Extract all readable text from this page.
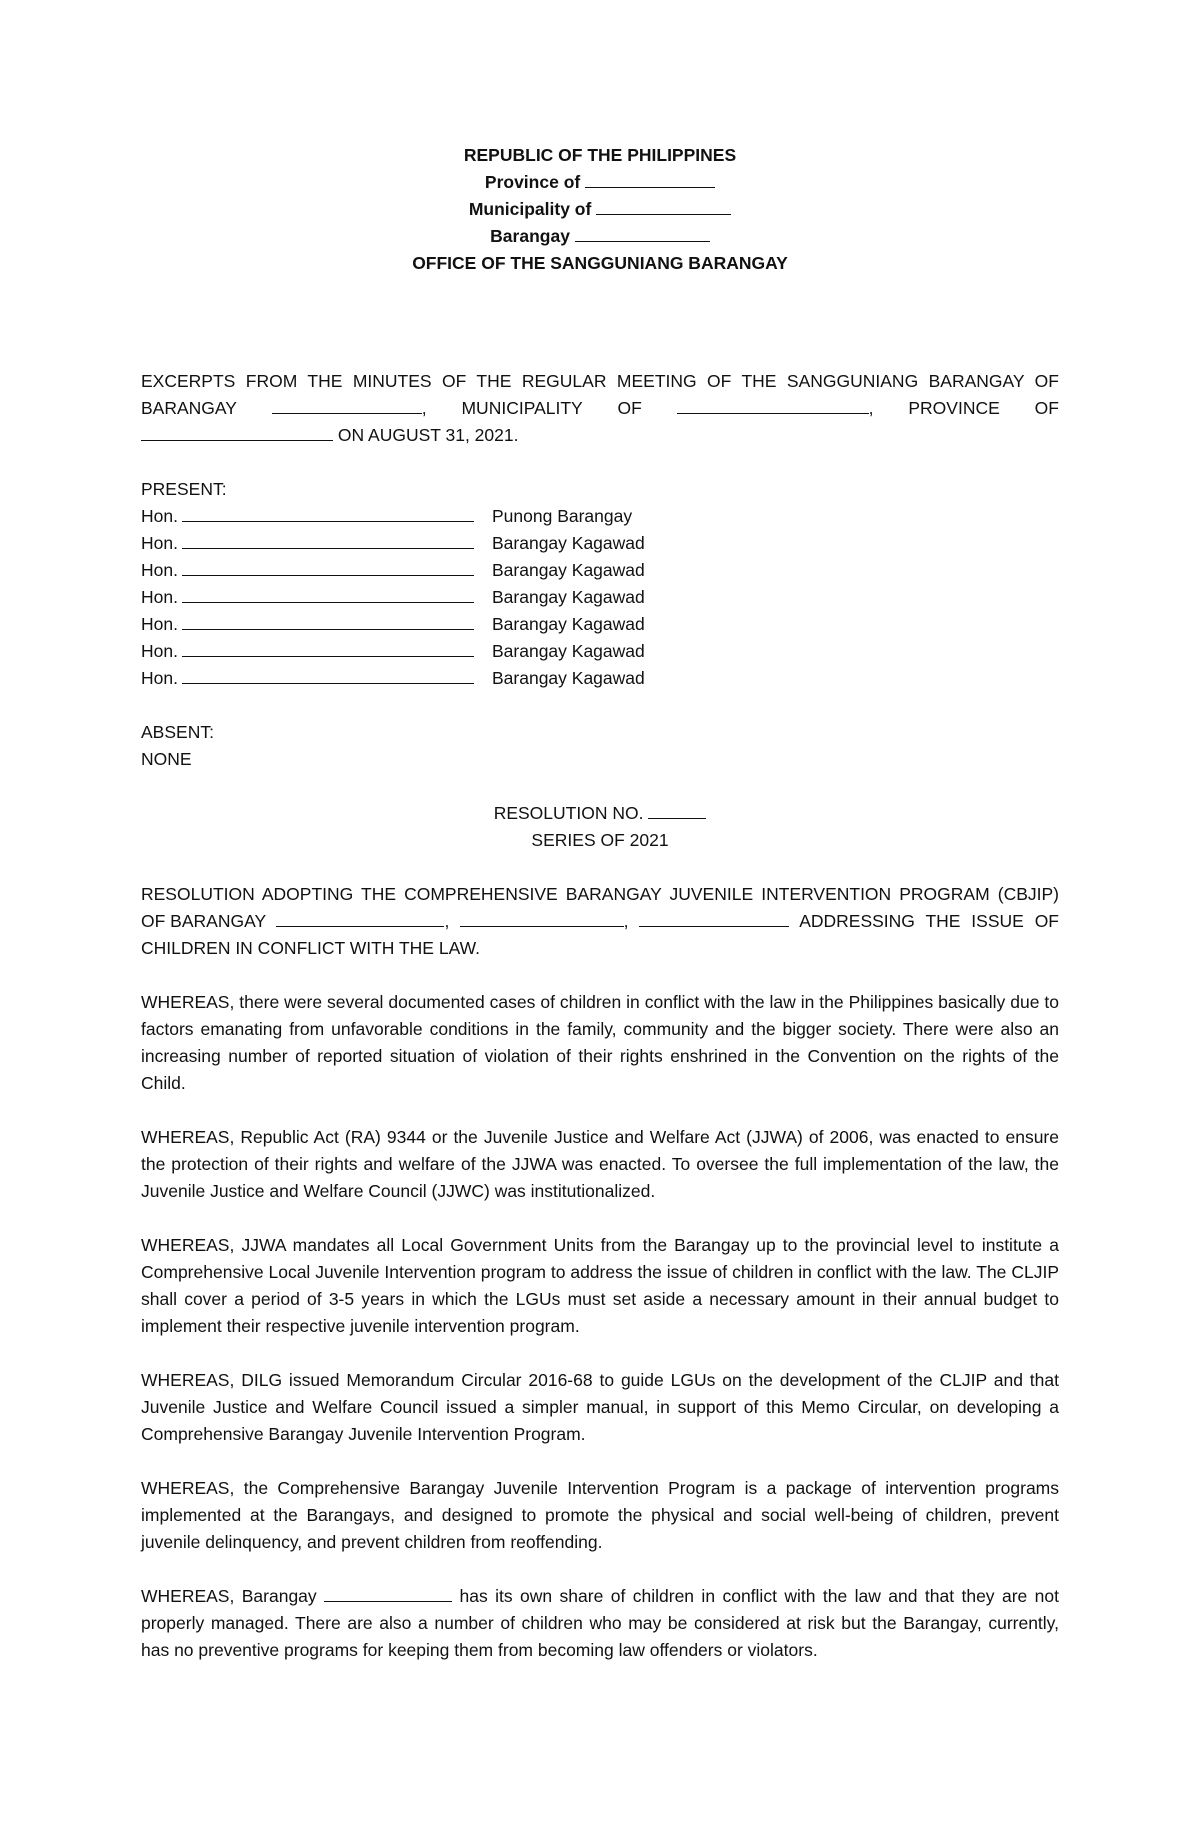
REPUBLIC OF THE PHILIPPINES
Province of
Municipality of
Barangay
OFFICE OF THE SANGGUNIANG BARANGAY
EXCERPTS FROM THE MINUTES OF THE REGULAR MEETING OF THE SANGGUNIANG BARANGAY OF
BARANGAY	, MUNICIPALITY OF	, PROVINCE OF
ON AUGUST 31, 2021.
PRESENT:
Hon.	Punong Barangay
Hon.	Barangay Kagawad
Hon.	Barangay Kagawad
Hon.	Barangay Kagawad
Hon.	Barangay Kagawad
Hon.	Barangay Kagawad
Hon.	Barangay Kagawad
ABSENT:
NONE
RESOLUTION NO.
SERIES OF 2021
RESOLUTION ADOPTING THE COMPREHENSIVE BARANGAY JUVENILE INTERVENTION PROGRAM (CBJIP)
OF BARANGAY	,	,	ADDRESSING THE ISSUE OF
CHILDREN IN CONFLICT WITH THE LAW.

WHEREAS, there were several documented cases of children in conflict with the law in the Philippines basically due to factors emanating from unfavorable conditions in the family, community and the bigger society. There were also an increasing number of reported situation of violation of their rights enshrined in the Convention on the rights of the Child.

WHEREAS, Republic Act (RA) 9344 or the Juvenile Justice and Welfare Act (JJWA) of 2006, was enacted to ensure the protection of their rights and welfare of the JJWA was enacted. To oversee the full implementation of the law, the Juvenile Justice and Welfare Council (JJWC) was institutionalized.

WHEREAS, JJWA mandates all Local Government Units from the Barangay up to the provincial level to institute a Comprehensive Local Juvenile Intervention program to address the issue of children in conflict with the law. The CLJIP shall cover a period of 3-5 years in which the LGUs must set aside a necessary amount in their annual budget to implement their respective juvenile intervention program.

WHEREAS, DILG issued Memorandum Circular 2016-68 to guide LGUs on the development of the CLJIP and that Juvenile Justice and Welfare Council issued a simpler manual, in support of this Memo Circular, on developing a Comprehensive Barangay Juvenile Intervention Program.

WHEREAS, the Comprehensive Barangay Juvenile Intervention Program is a package of intervention programs implemented at the Barangays, and designed to promote the physical and social well-being of children, prevent juvenile delinquency, and prevent children from reoffending.

WHEREAS, Barangay	has its own share of children in conflict with the law and that they are not properly managed. There are also a number of children who may be considered at risk but the Barangay, currently, has no preventive programs for keeping them from becoming law offenders or violators.
